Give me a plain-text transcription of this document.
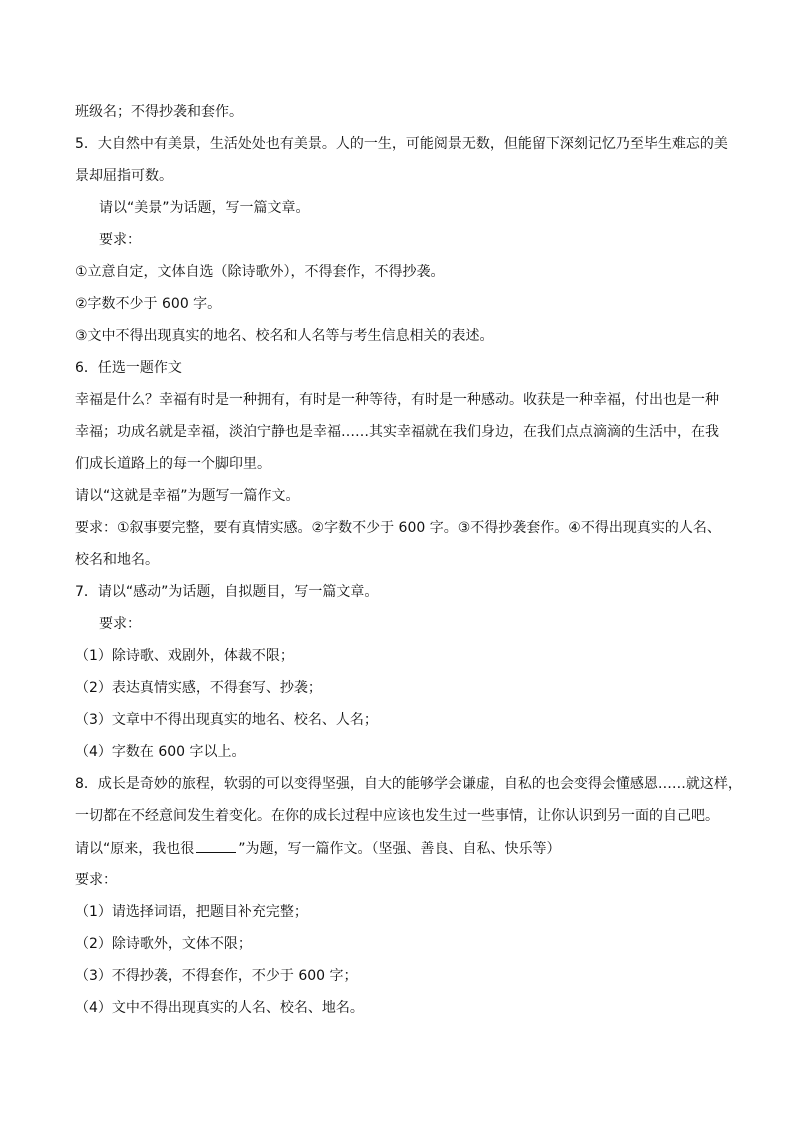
班级名；不得抄袭和套作。
5．大自然中有美景，生活处处也有美景。人的一生，可能阅景无数，但能留下深刻记忆乃至毕生难忘的美
景却屈指可数。
请以“美景”为话题，写一篇文章。
要求：
①立意自定，文体自选（除诗歌外），不得套作，不得抄袭。
②字数不少于 600 字。
③文中不得出现真实的地名、校名和人名等与考生信息相关的表述。
6．任选一题作文
幸福是什么？幸福有时是一种拥有，有时是一种等待，有时是一种感动。收获是一种幸福，付出也是一种
幸福；功成名就是幸福，淡泊宁静也是幸福……其实幸福就在我们身边，在我们点点滴滴的生活中，在我
们成长道路上的每一个脚印里。
请以“这就是幸福”为题写一篇作文。
要求：①叙事要完整，要有真情实感。②字数不少于 600 字。③不得抄袭套作。④不得出现真实的人名、
校名和地名。
7．请以“感动”为话题，自拟题目，写一篇文章。
要求：
（1）除诗歌、戏剧外，体裁不限；
（2）表达真情实感，不得套写、抄袭；
（3）文章中不得出现真实的地名、校名、人名；
（4）字数在 600 字以上。
8．成长是奇妙的旅程，软弱的可以变得坚强，自大的能够学会谦虚，自私的也会变得会懂感恩……就这样，
一切都在不经意间发生着变化。在你的成长过程中应该也发生过一些事情，让你认识到另一面的自己吧。
请以“原来，我也很	”为题，写一篇作文。（坚强、善良、自私、快乐等）
要求：
（1）请选择词语，把题目补充完整；
（2）除诗歌外，文体不限；
（3）不得抄袭，不得套作，不少于 600 字；
（4）文中不得出现真实的人名、校名、地名。
